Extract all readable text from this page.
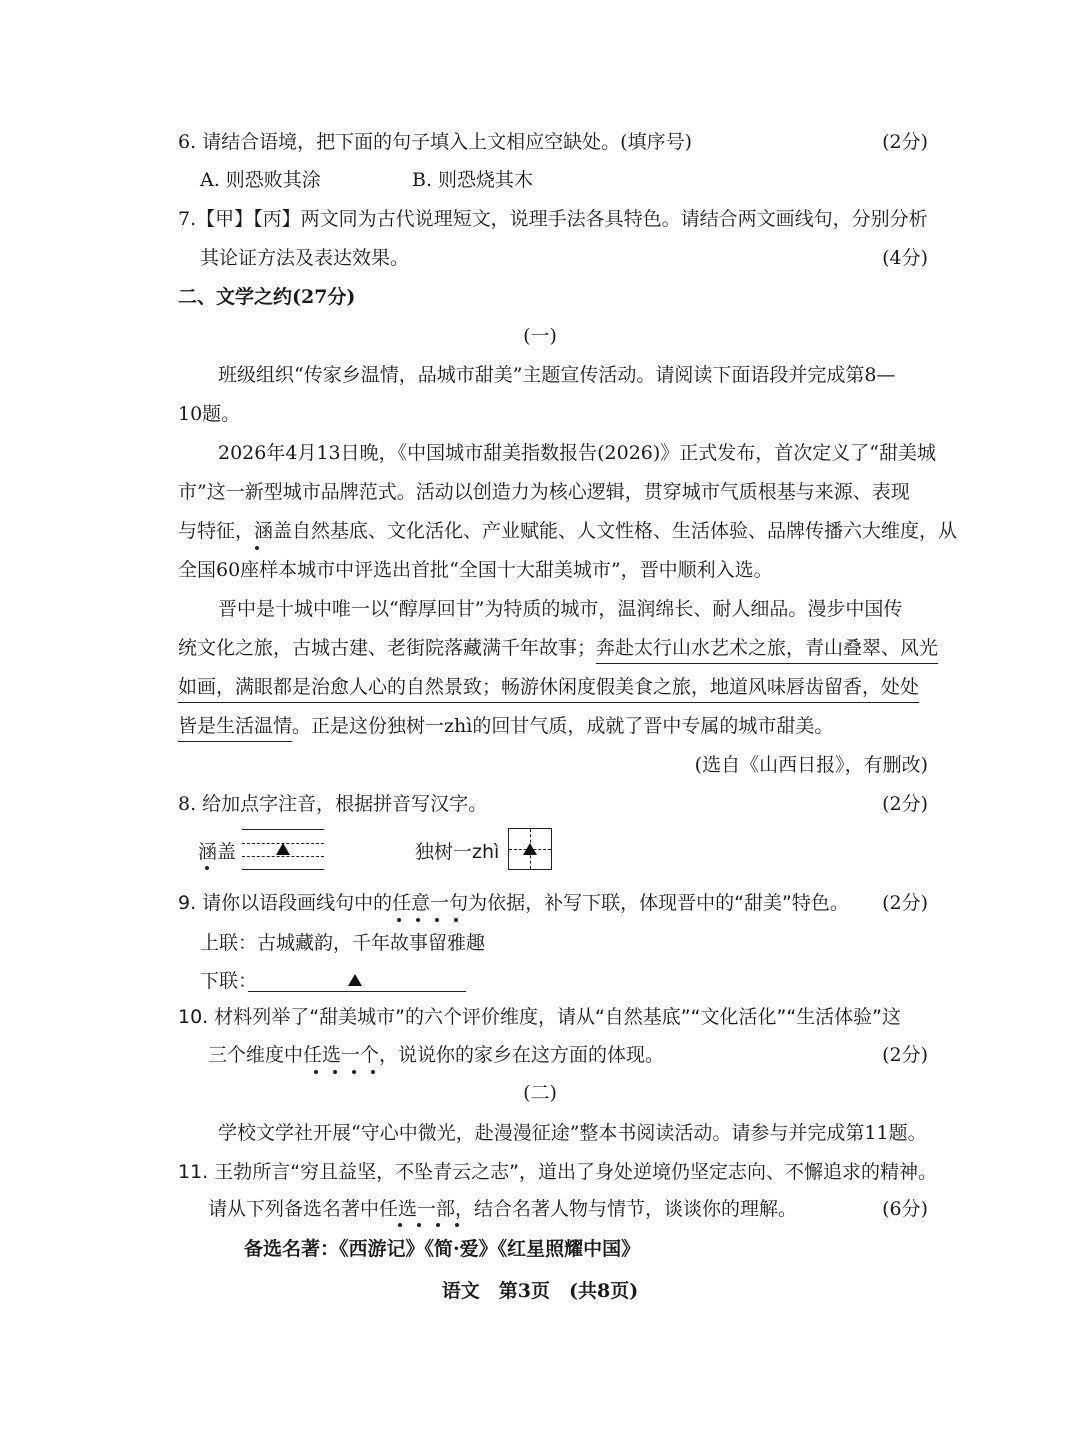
6. 请结合语境，把下面的句子填入上文相应空缺处。(填序号)	(2分)
A. 则恐败其涂	B. 则恐烧其木
7.【甲】【丙】两文同为古代说理短文，说理手法各具特色。请结合两文画线句，分别分析
其论证方法及表达效果。	(4分)
二、文学之约(27分)
(一)
班级组织“传家乡温情，品城市甜美”主题宣传活动。请阅读下面语段并完成第8—
10题。
2026年4月13日晚，《中国城市甜美指数报告(2026)》正式发布，首次定义了“甜美城
市”这一新型城市品牌范式。活动以创造力为核心逻辑，贯穿城市气质根基与来源、表现
与特征，涵盖自然基底、文化活化、产业赋能、人文性格、生活体验、品牌传播六大维度，从
全国60座样本城市中评选出首批“全国十大甜美城市”，晋中顺利入选。
晋中是十城中唯一以“醇厚回甘”为特质的城市，温润绵长、耐人细品。漫步中国传
统文化之旅，古城古建、老街院落藏满千年故事；奔赴太行山水艺术之旅，青山叠翠、风光
如画，满眼都是治愈人心的自然景致；畅游休闲度假美食之旅，地道风味唇齿留香，处处
皆是生活温情。正是这份独树一zhì的回甘气质，成就了晋中专属的城市甜美。
(选自《山西日报》，有删改)
8. 给加点字注音，根据拼音写汉字。	(2分)
涵盖	独树一zhì
9. 请你以语段画线句中的任意一句为依据，补写下联，体现晋中的“甜美”特色。 (2分)
上联：古城藏韵，千年故事留雅趣
下联：
10. 材料列举了“甜美城市”的六个评价维度，请从“自然基底”“文化活化”“生活体验”这
三个维度中任选一个，说说你的家乡在这方面的体现。	(2分)
(二)
学校文学社开展“守心中微光，赴漫漫征途”整本书阅读活动。请参与并完成第11题。
11. 王勃所言“穷且益坚，不坠青云之志”，道出了身处逆境仍坚定志向、不懈追求的精神。
请从下列备选名著中任选一部，结合名著人物与情节，谈谈你的理解。	(6分)
备选名著：《西游记》《简·爱》《红星照耀中国》
语文　第3页　(共8页)
